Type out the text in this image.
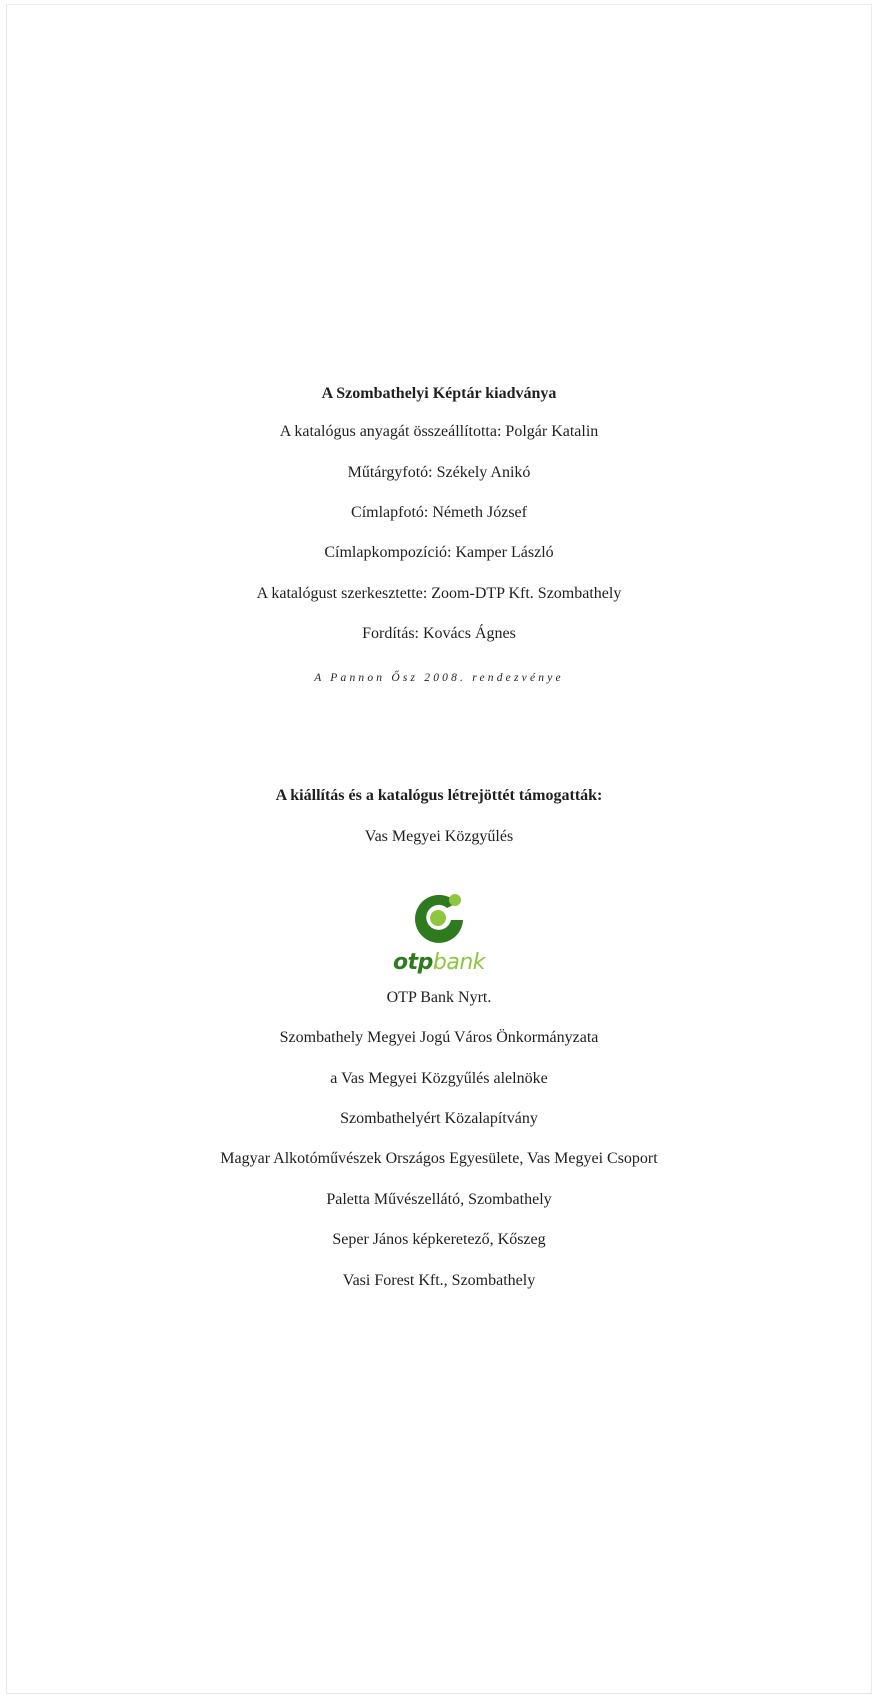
A Szombathelyi Képtár kiadványa
A katalógus anyagát összeállította: Polgár Katalin
Műtárgyfotó: Székely Anikó
Címlapfotó: Németh József
Címlapkompozíció: Kamper László
A katalógust szerkesztette: Zoom-DTP Kft. Szombathely
Fordítás: Kovács Ágnes
A Pannon Ősz 2008. rendezvénye
A kiállítás és a katalógus létrejöttét támogatták:
Vas Megyei Közgyűlés
otpbank
OTP Bank Nyrt.
Szombathely Megyei Jogú Város Önkormányzata
a Vas Megyei Közgyűlés alelnöke
Szombathelyért Közalapítvány
Magyar Alkotóművészek Országos Egyesülete, Vas Megyei Csoport
Paletta Művészellátó, Szombathely
Seper János képkeretező, Kőszeg
Vasi Forest Kft., Szombathely
